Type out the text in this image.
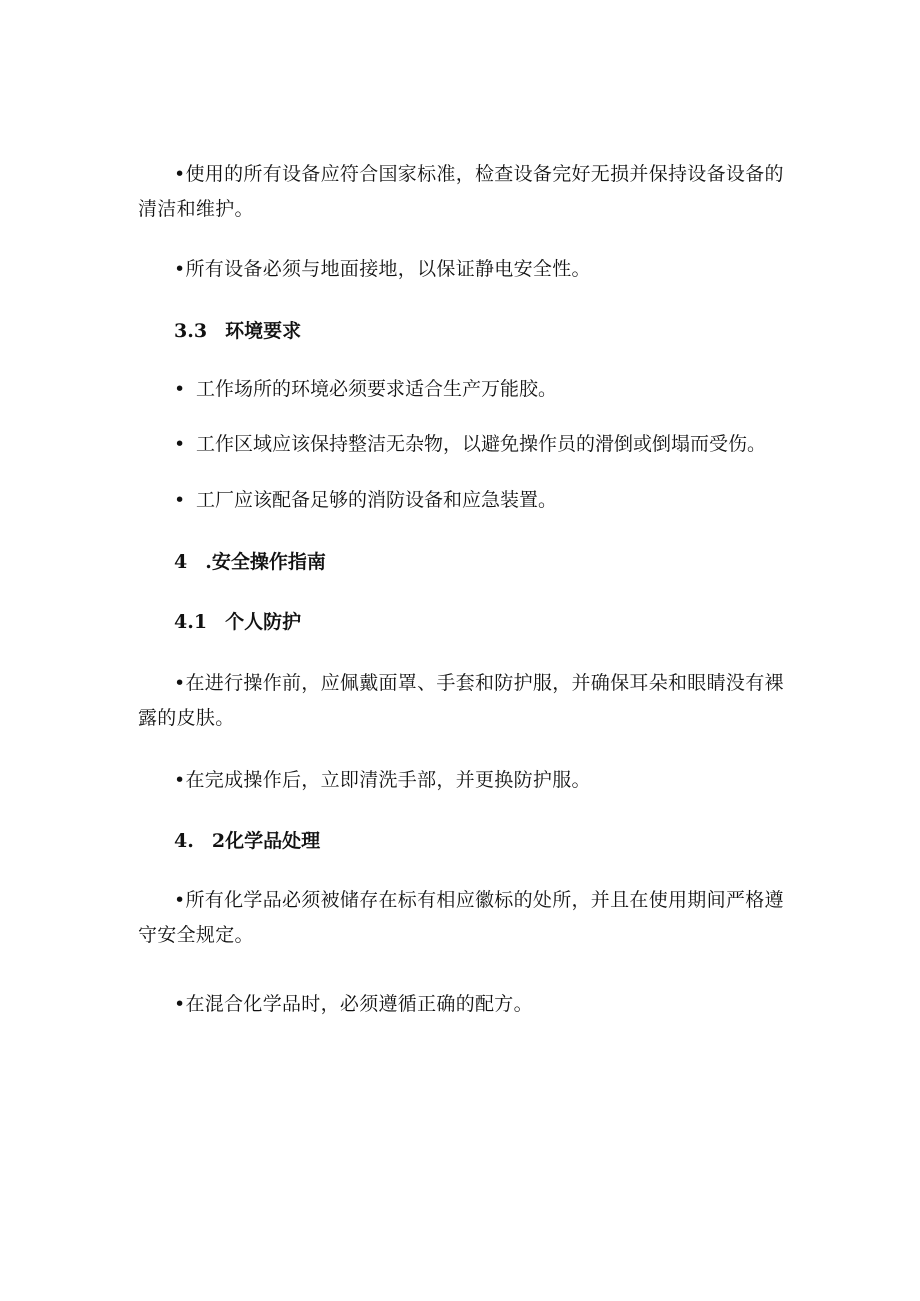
•使用的所有设备应符合国家标准，检查设备完好无损并保持设备设备的清洁和维护。

•所有设备必须与地面接地，以保证静电安全性。

3.3 环境要求

• 工作场所的环境必须要求适合生产万能胶。

• 工作区域应该保持整洁无杂物，以避免操作员的滑倒或倒塌而受伤。

• 工厂应该配备足够的消防设备和应急装置。

4 .安全操作指南
4.1 个人防护

•在进行操作前，应佩戴面罩、手套和防护服，并确保耳朵和眼睛没有裸露的皮肤。

•在完成操作后，立即清洗手部，并更换防护服。

4. 2化学品处理

•所有化学品必须被储存在标有相应徽标的处所，并且在使用期间严格遵守安全规定。

•在混合化学品时，必须遵循正确的配方。
